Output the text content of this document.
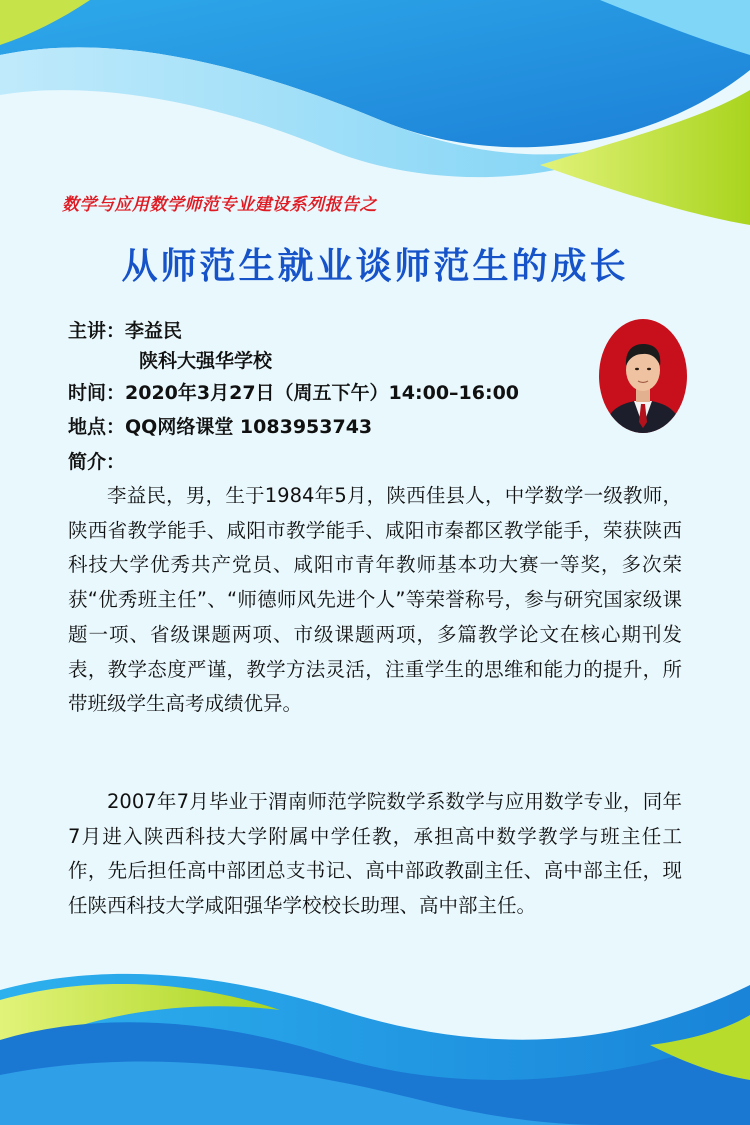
数学与应用数学师范专业建设系列报告之
从师范生就业谈师范生的成长
主讲：李益民
陕科大强华学校
时间：2020年3月27日（周五下午）14:00–16:00
地点：QQ网络课堂 1083953743
简介：

李益民，男，生于1984年5月，陕西佳县人，中学数学一级教师，陕西省教学能手、咸阳市教学能手、咸阳市秦都区教学能手，荣获陕西科技大学优秀共产党员、咸阳市青年教师基本功大赛一等奖，多次荣获“优秀班主任”、“师德师风先进个人”等荣誉称号，参与研究国家级课题一项、省级课题两项、市级课题两项，多篇教学论文在核心期刊发表，教学态度严谨，教学方法灵活，注重学生的思维和能力的提升，所带班级学生高考成绩优异。

2007年7月毕业于渭南师范学院数学系数学与应用数学专业，同年7月进入陕西科技大学附属中学任教，承担高中数学教学与班主任工作，先后担任高中部团总支书记、高中部政教副主任、高中部主任，现任陕西科技大学咸阳强华学校校长助理、高中部主任。
